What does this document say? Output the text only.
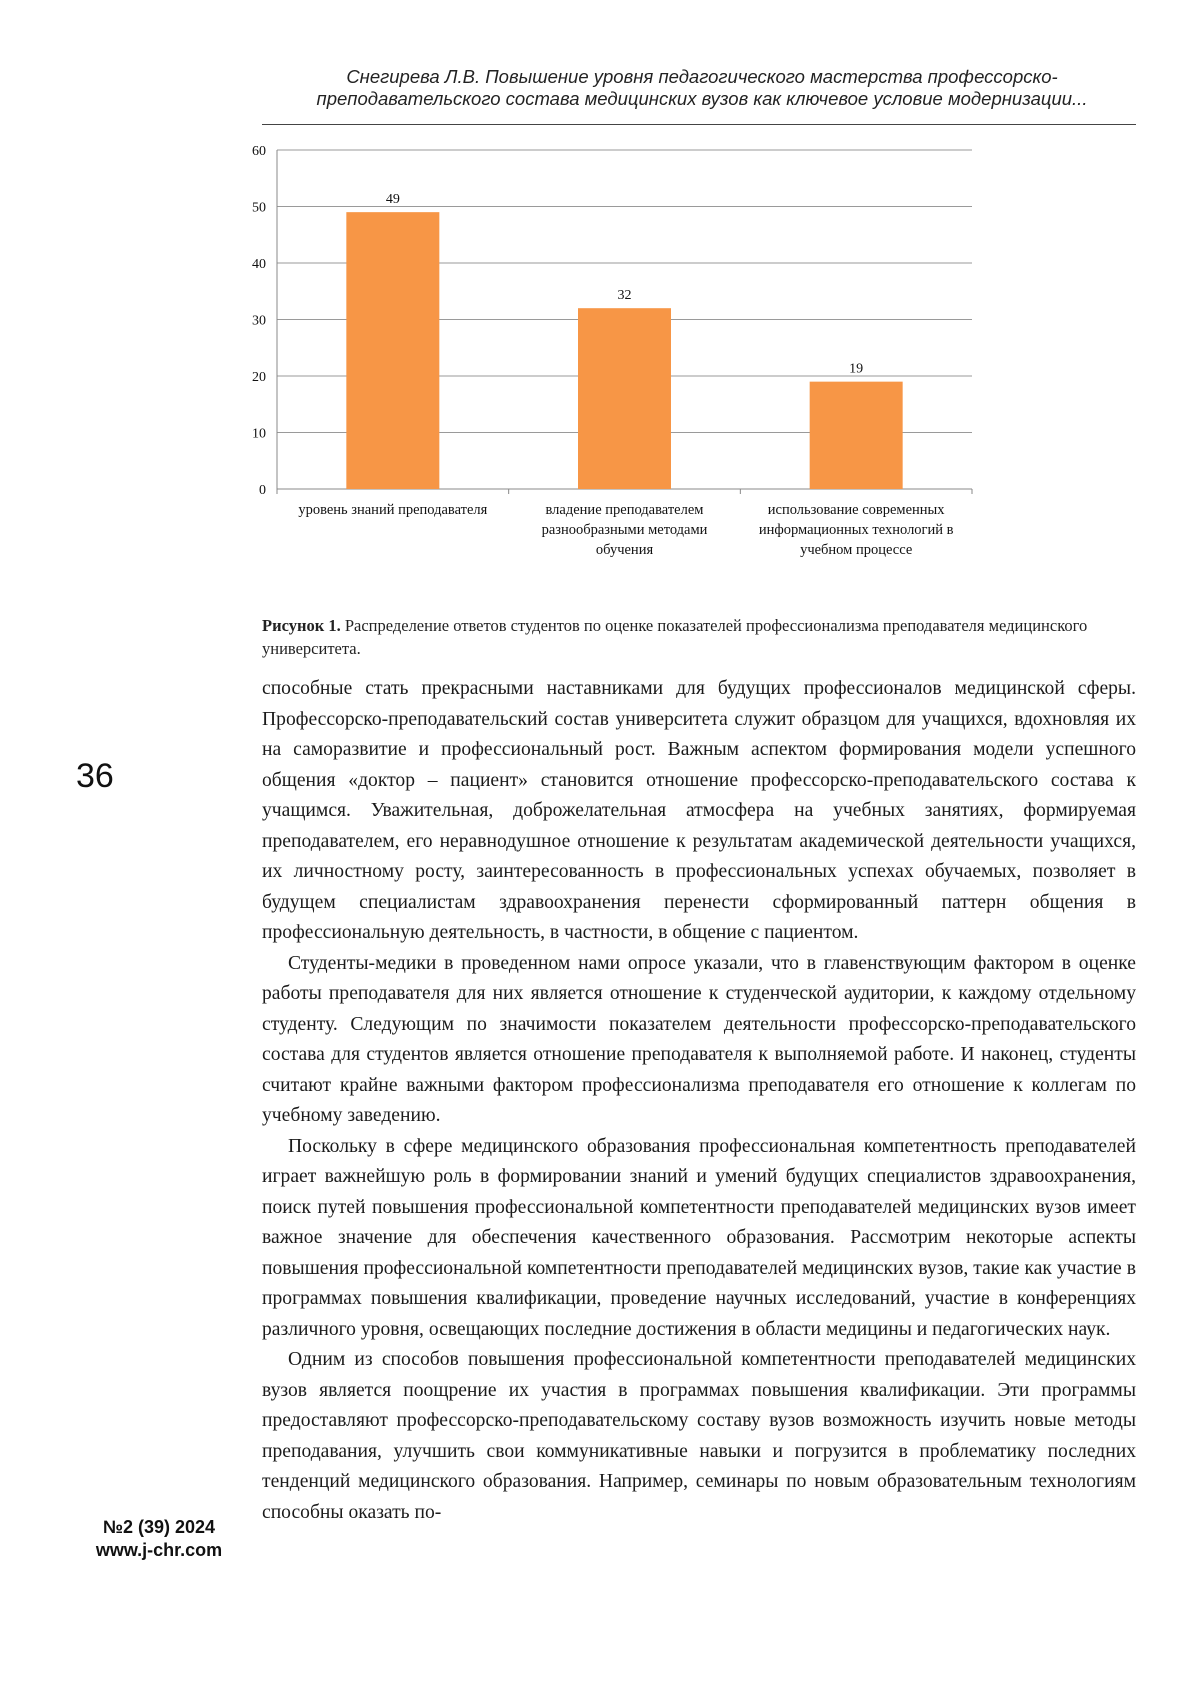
Снегирева Л.В. Повышение уровня педагогического мастерства профессорско-
преподавательского состава медицинских вузов как ключевое условие модернизации...
0
10
20
30
40
50
60
49
уровень знаний преподавателя
32
владение преподавателем
разнообразными методами
обучения
19
использование современных
информационных технологий в
учебном процессе
Рисунок 1. Распределение ответов студентов по оценке показателей профессионализма преподавателя медицинского университета.
36
№2 (39) 2024
www.j-chr.com

способные стать прекрасными наставниками для будущих профессионалов медицинской сферы. Профессорско-преподавательский состав университета служит образцом для учащихся, вдохновляя их на саморазвитие и профессиональный рост. Важным аспектом формирования модели успешного общения «доктор – пациент» становится отношение профессорско-преподавательского состава к учащимся. Уважительная, доброжелательная атмосфера на учебных занятиях, формируемая преподавателем, его неравнодушное отношение к результатам академической деятельности учащихся, их личностному росту, заинтересованность в профессиональных успехах обучаемых, позволяет в будущем специалистам здравоохранения перенести сформированный паттерн общения в профессиональную деятельность, в частности, в общение с пациентом.

Студенты-медики в проведенном нами опросе указали, что в главенствующим фактором в оценке работы преподавателя для них является отношение к студенческой аудитории, к каждому отдельному студенту. Следующим по значимости показателем деятельности профессорско-преподавательского состава для студентов является отношение преподавателя к выполняемой работе. И наконец, студенты считают крайне важными фактором профессионализма преподавателя его отношение к коллегам по учебному заведению.

Поскольку в сфере медицинского образования профессиональная компетентность преподавателей играет важнейшую роль в формировании знаний и умений будущих специалистов здравоохранения, поиск путей повышения профессиональной компетентности преподавателей медицинских вузов имеет важное значение для обеспечения качественного образования. Рассмотрим некоторые аспекты повышения профессиональной компетентности преподавателей медицинских вузов, такие как участие в программах повышения квалификации, проведение научных исследований, участие в конференциях различного уровня, освещающих последние достижения в области медицины и педагогических наук.

Одним из способов повышения профессиональной компетентности преподавателей медицинских вузов является поощрение их участия в программах повышения квалификации. Эти программы предоставляют профессорско-преподавательскому составу вузов возможность изучить новые методы преподавания, улучшить свои коммуникативные навыки и погрузится в проблематику последних тенденций медицинского образования. Например, семинары по новым образовательным технологиям способны оказать по-
